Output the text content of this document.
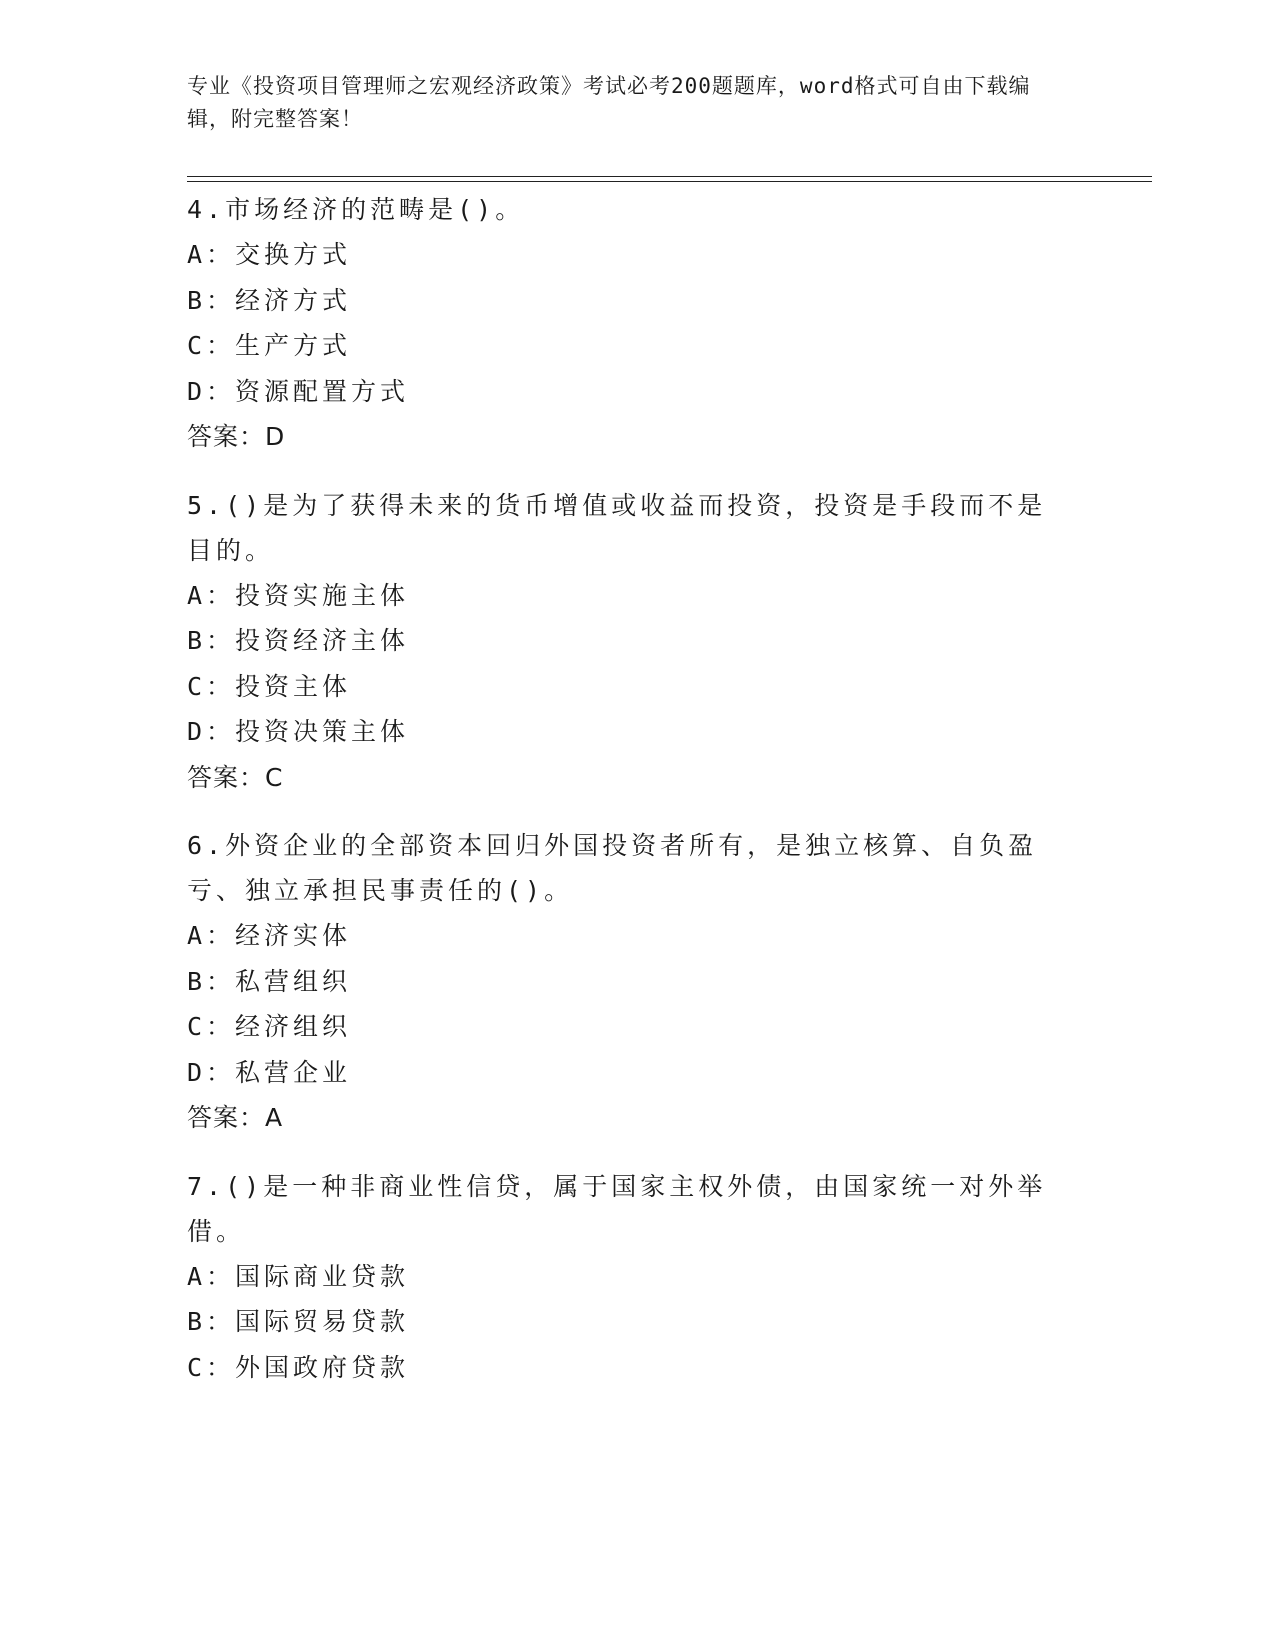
专业《投资项目管理师之宏观经济政策》考试必考200题题库，word格式可自由下载编辑，附完整答案！
4.市场经济的范畴是()。
A：交换方式
B：经济方式
C：生产方式
D：资源配置方式
答案：D
5.()是为了获得未来的货币增值或收益而投资，投资是手段而不是目的。
A：投资实施主体
B：投资经济主体
C：投资主体
D：投资决策主体
答案：C
6.外资企业的全部资本回归外国投资者所有，是独立核算、自负盈亏、独立承担民事责任的()。
A：经济实体
B：私营组织
C：经济组织
D：私营企业
答案：A
7.()是一种非商业性信贷，属于国家主权外债，由国家统一对外举借。
A：国际商业贷款
B：国际贸易贷款
C：外国政府贷款
